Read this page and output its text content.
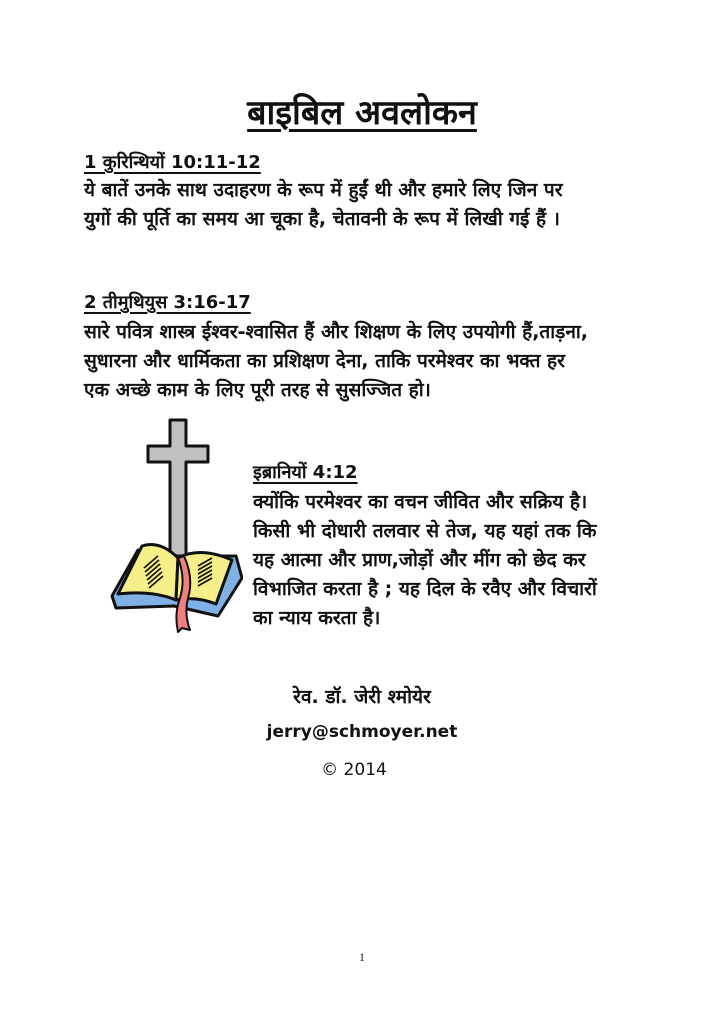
बाइबिल अवलोकन
1 कुरिन्थियों 10:11-12
ये बातें उनके साथ उदाहरण के रूप में हुईं थी और हमारे लिए जिन पर
युगों की पूर्ति का समय आ चूका है, चेतावनी के रूप में लिखी गई हैं ।
2 तीमुथियुस 3:16-17
सारे पवित्र शास्त्र ईश्वर-श्वासित हैं और शिक्षण के लिए उपयोगी हैं,ताड़ना,
सुधारना और धार्मिकता का प्रशिक्षण देना, ताकि परमेश्वर का भक्त हर
एक अच्छे काम के लिए पूरी तरह से सुसज्जित हो।
इब्रानियों 4:12
क्योंकि परमेश्वर का वचन जीवित और सक्रिय है।
किसी भी दोधारी तलवार से तेज, यह यहां तक कि
यह आत्मा और प्राण,जोड़ों और मींग को छेद कर
विभाजित करता है ; यह दिल के रवैए और विचारों
का न्याय करता है।
रेव. डॉ. जेरी श्मोयेर
jerry@schmoyer.net
© 2014
1
